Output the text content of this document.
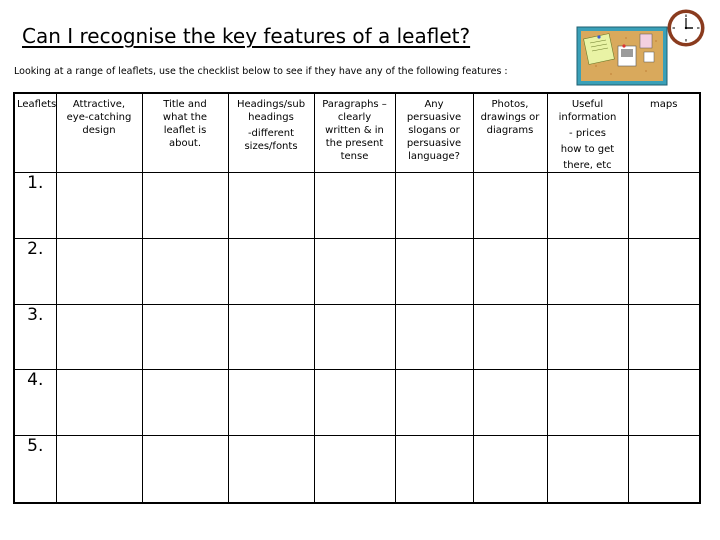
Can I recognise the key features of a leaflet?
Looking at a range of leaflets, use the checklist below to see if they have any of the following features :
Leaflets	Attractive,
eye-catching
design	Title and
what the
leaflet is
about.	Headings/sub
headings
-different
sizes/fonts	Paragraphs –
clearly
written & in
the present
tense	Any
persuasive
slogans or
persuasive
language?	Photos,
drawings or
diagrams	Useful
information
- prices
how to get
there, etc	maps

1.								
2.								
3.								
4.								
5.								
